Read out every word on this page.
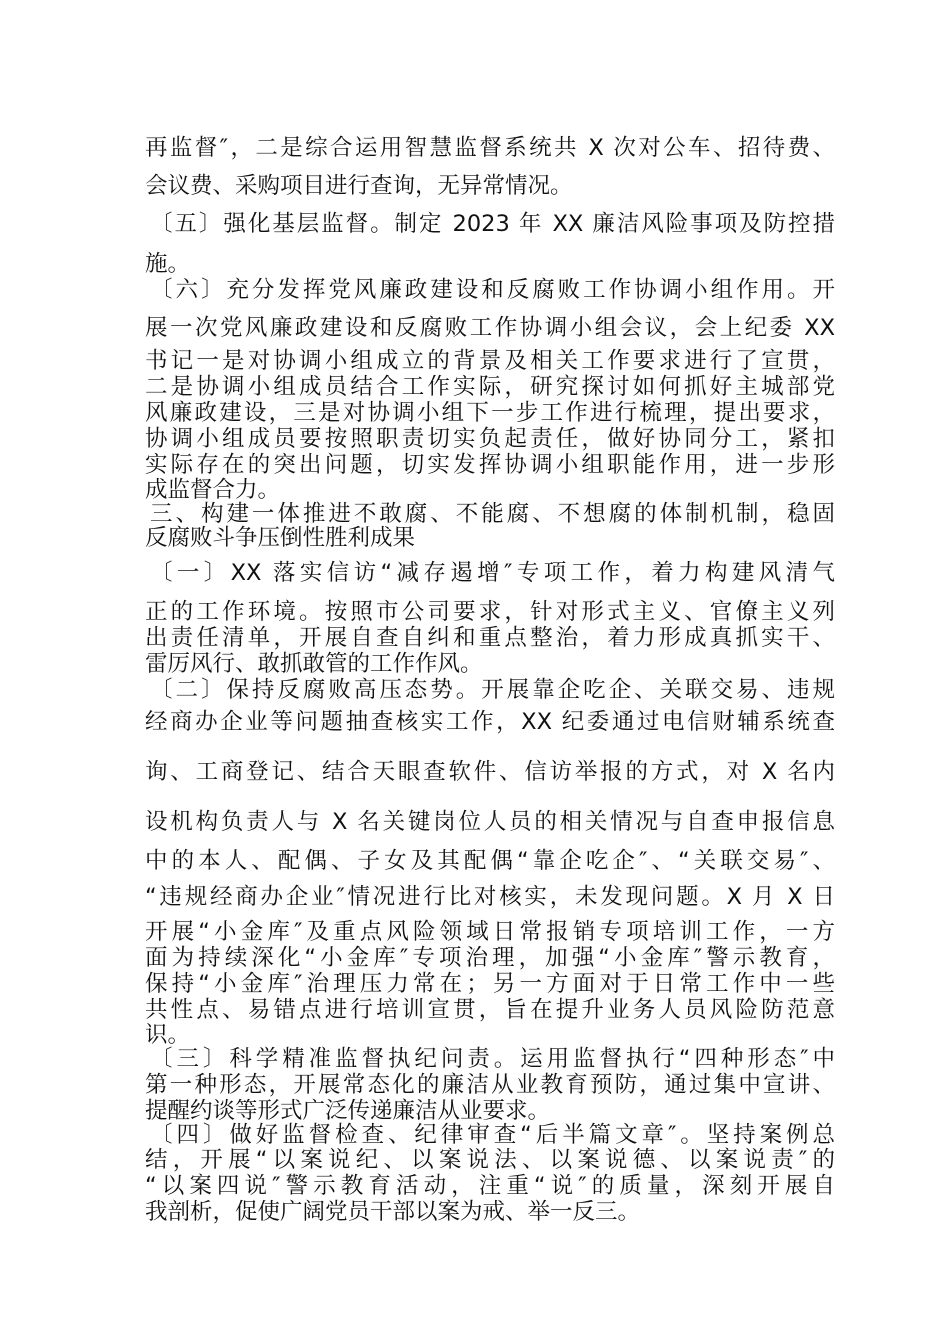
再监督″，二是综合运用智慧监督系统共 X 次对公车、招待费、

会议费、采购项目进行查询，无异常情况。

〔五〕强化基层监督。制定 2023 年 XX 廉洁风险事项及防控措

施。

〔六〕充分发挥党风廉政建设和反腐败工作协调小组作用。开

展一次党风廉政建设和反腐败工作协调小组会议，会上纪委 XX

书记一是对协调小组成立的背景及相关工作要求进行了宣贯，

二是协调小组成员结合工作实际，研究探讨如何抓好主城部党

风廉政建设，三是对协调小组下一步工作进行梳理，提出要求，

协调小组成员要按照职责切实负起责任，做好协同分工，紧扣

实际存在的突出问题，切实发挥协调小组职能作用，进一步形

成监督合力。

三、构建一体推进不敢腐、不能腐、不想腐的体制机制，稳固

反腐败斗争压倒性胜利成果

〔一〕XX 落实信访“减存遏增″专项工作，着力构建风清气

正的工作环境。按照市公司要求，针对形式主义、官僚主义列

出责任清单，开展自查自纠和重点整治，着力形成真抓实干、

雷厉风行、敢抓敢管的工作作风。

〔二〕保持反腐败高压态势。开展靠企吃企、关联交易、违规

经商办企业等问题抽查核实工作，XX 纪委通过电信财辅系统查

询、工商登记、结合天眼查软件、信访举报的方式，对 X 名内

设机构负责人与 X 名关键岗位人员的相关情况与自查申报信息

中的本人、配偶、子女及其配偶“靠企吃企″、“关联交易″、

“违规经商办企业″情况进行比对核实，未发现问题。X 月 X 日

开展“小金库″及重点风险领域日常报销专项培训工作，一方

面为持续深化“小金库″专项治理，加强“小金库″警示教育，

保持“小金库″治理压力常在；另一方面对于日常工作中一些

共性点、易错点进行培训宣贯，旨在提升业务人员风险防范意

识。

〔三〕科学精准监督执纪问责。运用监督执行“四种形态″中

第一种形态，开展常态化的廉洁从业教育预防，通过集中宣讲、

提醒约谈等形式广泛传递廉洁从业要求。

〔四〕做好监督检查、纪律审查“后半篇文章″。坚持案例总

结，开展“以案说纪、以案说法、以案说德、以案说责″的

“以案四说″警示教育活动，注重“说″的质量，深刻开展自

我剖析，促使广阔党员干部以案为戒、举一反三。
